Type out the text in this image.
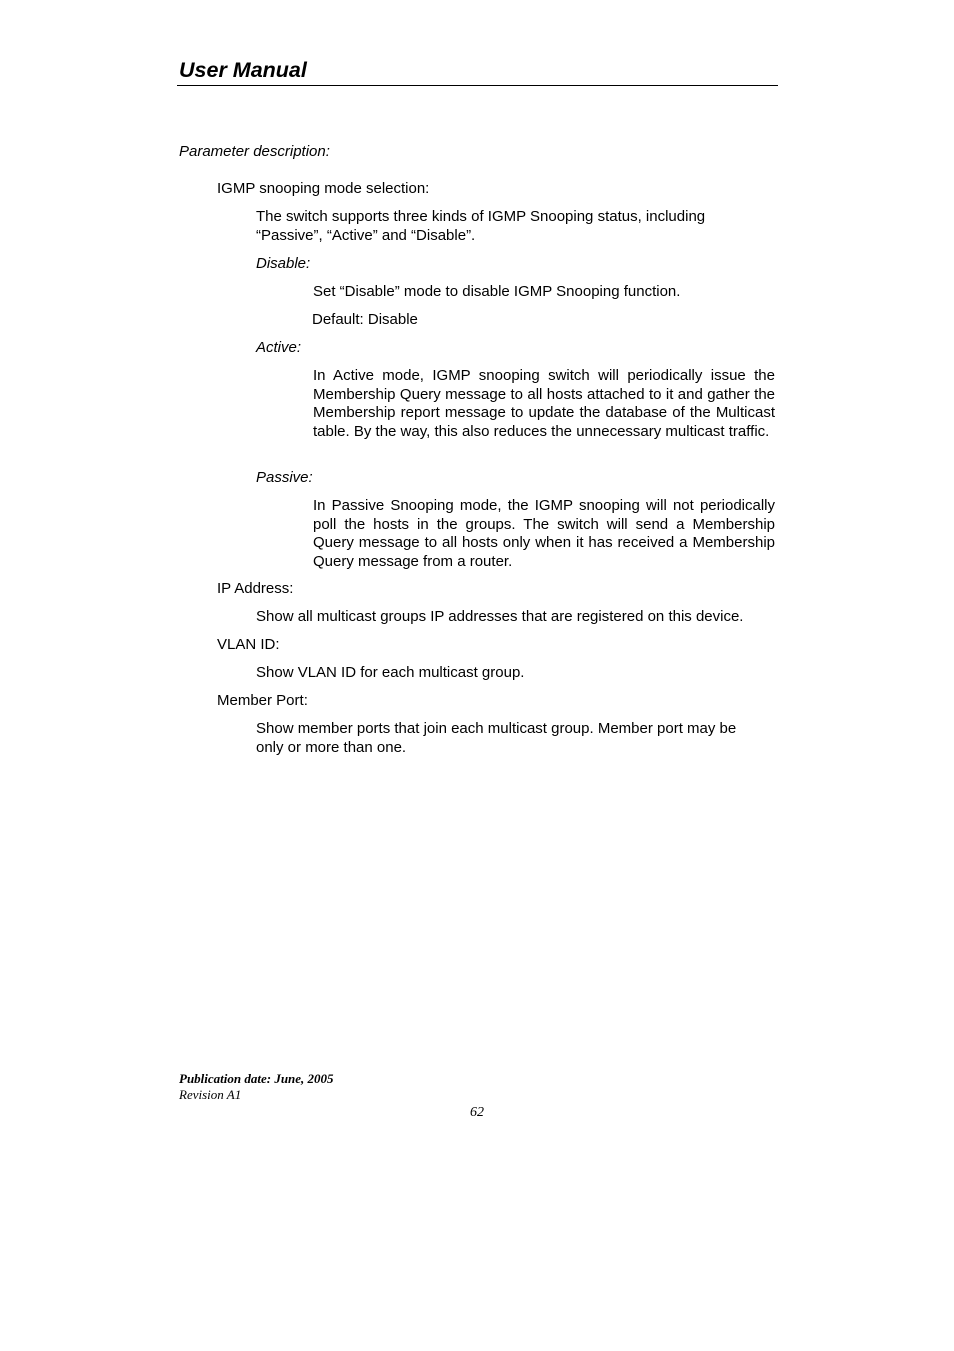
User Manual
Parameter description:
IGMP snooping mode selection:
The switch supports three kinds of IGMP Snooping status, including
“Passive”, “Active” and “Disable”.
Disable:
Set “Disable” mode to disable IGMP Snooping function.
Default: Disable
Active:
In Active mode, IGMP snooping switch will periodically issue the Membership Query message to all hosts attached to it and gather the Membership report message to update the database of the Multicast table. By the way, this also reduces the unnecessary multicast traffic.
Passive:
In Passive Snooping mode, the IGMP snooping will not periodically poll the hosts in the groups. The switch will send a Membership Query message to all hosts only when it has received a Membership Query message from a router.
IP Address:
Show all multicast groups IP addresses that are registered on this device.
VLAN ID:
Show VLAN ID for each multicast group.
Member Port:
Show member ports that join each multicast group. Member port may be
only or more than one.
Publication date: June, 2005
Revision A1
62
